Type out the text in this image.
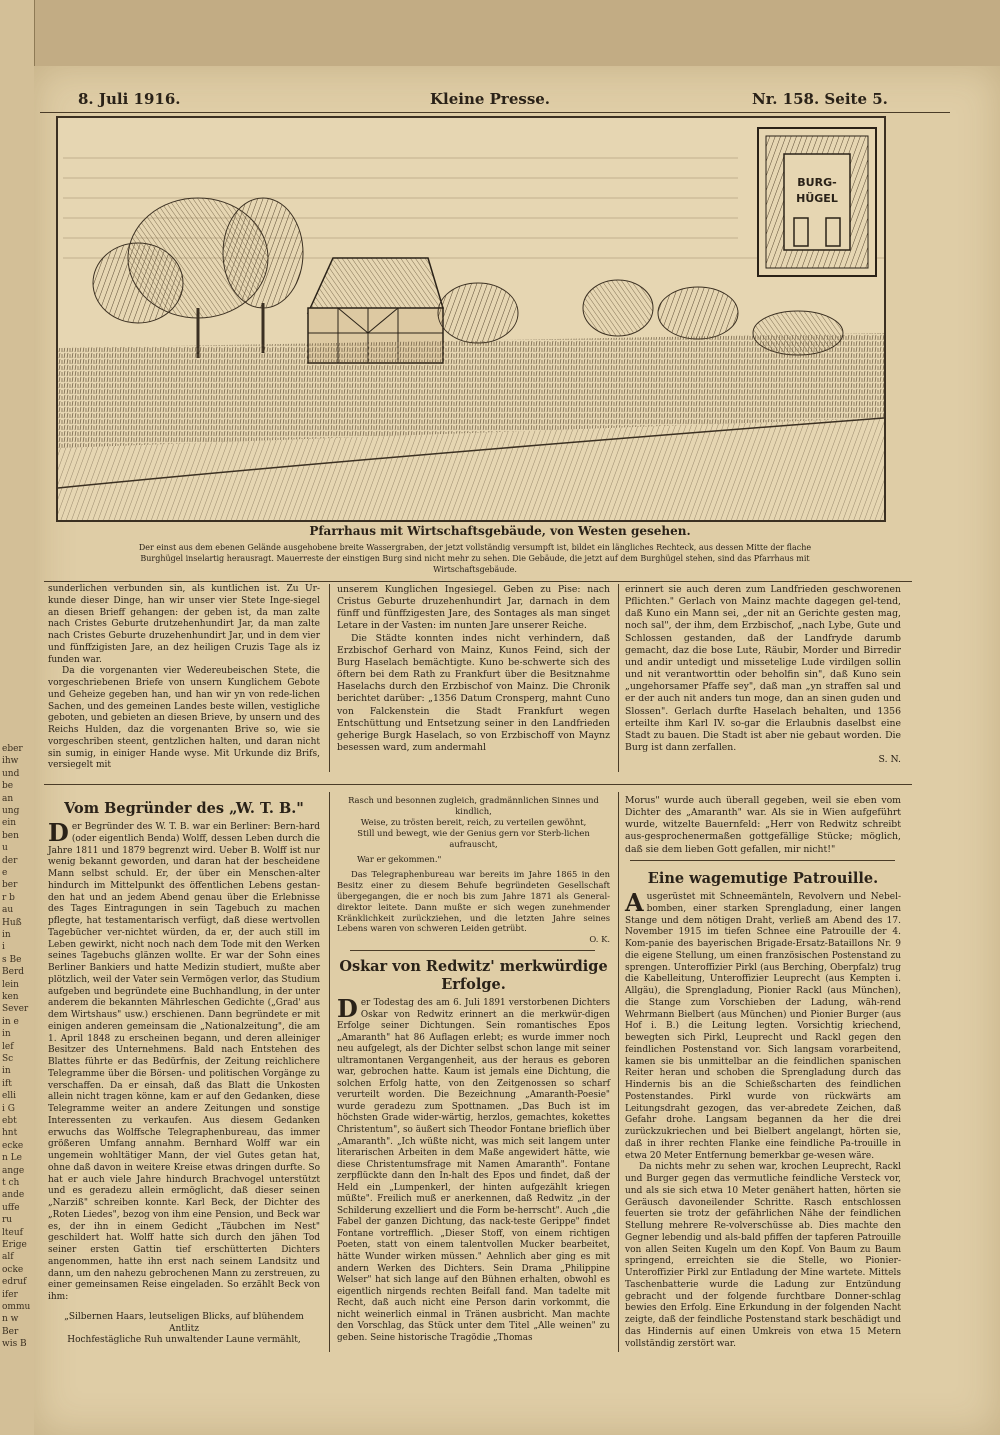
eber
ihw
und
be
an
ung
ein
ben
u
der
e
ber
r b
au
Huß
in
i
s Be
Berd
lein
ken
Sever
in e
in
lef
Sc
in
ift
elli
i G
ebt
hnt
ecke
n Le
ange
t ch
ande
uffe
ru
lteuf
Erige
alf
ocke
edruf
ifer
ommu
n w
Ber
wis B
8. Juli 1916.	Kleine Presse.	Nr. 158. Seite 5.
BURG-
HÜGEL
Pfarrhaus mit Wirtschaftsgebäude, von Westen gesehen.
Der einst aus dem ebenen Gelände ausgehobene breite Wassergraben, der jetzt vollständig versumpft ist, bildet ein längliches Rechteck, aus dessen Mitte der flache Burghügel inselartig herausragt. Mauerreste der einstigen Burg sind nicht mehr zu sehen. Die Gebäude, die jetzt auf dem Burghügel stehen, sind das Pfarrhaus mit Wirtschaftsgebäude.

sunderlichen verbunden sin, als kuntlichen ist. Zu Ur-kunde dieser Dinge, han wir unser vier Stete Inge-siegel an diesen Brieff gehangen: der geben ist, da man zalte nach Cristes Geburte drutzehenhundirt Jar, da man zalte nach Cristes Geburte druzehenhundirt Jar, und in dem vier und fünffzigisten Jare, an dez heiligen Cruzis Tage als iz funden war.

Da die vorgenanten vier Wedereubeischen Stete, die vorgeschriebenen Briefe von unsern Kunglichem Gebote und Geheize gegeben han, und han wir yn von rede-lichen Sachen, und des gemeinen Landes beste willen, vestigliche geboten, und gebieten an diesen Brieve, by unsern und des Reichs Hulden, daz die vorgenanten Brive so, wie sie vorgeschriben steent, gentzlichen halten, und daran nicht sin sumig, in einiger Hande wyse. Mit Urkunde diz Brifs, versiegelt mit

unserem Kunglichen Ingesiegel. Geben zu Pise: nach Cristus Geburte druzehenhundirt Jar, darnach in dem fünff und fünffzigesten Jare, des Sontages als man singet Letare in der Vasten: im nunten Jare unserer Reiche.

Die Städte konnten indes nicht verhindern, daß Erzbischof Gerhard von Mainz, Kunos Feind, sich der Burg Haselach bemächtigte. Kuno be-schwerte sich des öftern bei dem Rath zu Frankfurt über die Besitznahme Haselachs durch den Erzbischof von Mainz. Die Chronik berichtet darüber: „1356 Datum Cronsperg, mahnt Cuno von Falckenstein die Stadt Frankfurt wegen Entschüttung und Entsetzung seiner in den Landfrieden geherige Burgk Haselach, so von Erzbischoff von Maynz besessen ward, zum andermahl

erinnert sie auch deren zum Landfrieden geschworenen Pflichten." Gerlach von Mainz machte dagegen gel-tend, daß Kuno ein Mann sei, „der nit an Gerichte gesten mag, noch sal", der ihm, dem Erzbischof, „nach Lybe, Gute und Schlossen gestanden, daß der Landfryde darumb gemacht, daz die bose Lute, Räubir, Morder und Birredir und andir untedigt und missetelige Lude virdilgen sollin und nit verantworttin oder beholfin sin", daß Kuno sein „ungehorsamer Pfaffe sey", daß man „yn straffen sal und er der auch nit anders tun moge, dan an sinen guden und Slossen". Gerlach durfte Haselach behalten, und 1356 erteilte ihm Karl IV. so-gar die Erlaubnis daselbst eine Stadt zu bauen. Die Stadt ist aber nie gebaut worden. Die Burg ist dann zerfallen.

S. N.
Vom Begründer des „W. T. B."
Der Begründer des W. T. B. war ein Berliner: Bern-hard (oder eigentlich Benda) Wolff, dessen Leben durch die Jahre 1811 und 1879 begrenzt wird. Ueber B. Wolff ist nur wenig bekannt geworden, und daran hat der bescheidene Mann selbst schuld. Er, der über ein Menschen-alter hindurch im Mittelpunkt des öffentlichen Lebens gestan-den hat und an jedem Abend genau über die Erlebnisse des Tages Eintragungen in sein Tagebuch zu machen pflegte, hat testamentarisch verfügt, daß diese wertvollen Tagebücher ver-nichtet würden, da er, der auch still im Leben gewirkt, nicht noch nach dem Tode mit den Werken seines Tagebuchs glänzen wollte. Er war der Sohn eines Berliner Bankiers und hatte Medizin studiert, mußte aber plötzlich, weil der Vater sein Vermögen verlor, das Studium aufgeben und begründete eine Buchhandlung, in der unter anderem die bekannten Mährleschen Gedichte („Grad' aus dem Wirtshaus" usw.) erschienen. Dann begründete er mit einigen anderen gemeinsam die „Nationalzeitung", die am 1. April 1848 zu erscheinen begann, und deren alleiniger Besitzer des Unternehmens. Bald nach Entstehen des Blattes führte er das Bedürfnis, der Zeitung reichlichere Telegramme über die Börsen- und politischen Vorgänge zu verschaffen. Da er einsah, daß das Blatt die Unkosten allein nicht tragen könne, kam er auf den Gedanken, diese Telegramme weiter an andere Zeitungen und sonstige Interessenten zu verkaufen. Aus diesem Gedanken erwuchs das Wolffsche Telegraphenbureau, das immer größeren Umfang annahm. Bernhard Wolff war ein ungemein wohltätiger Mann, der viel Gutes getan hat, ohne daß davon in weitere Kreise etwas dringen durfte. So hat er auch viele Jahre hindurch Brachvogel unterstützt und es geradezu allein ermöglicht, daß dieser seinen „Narziß" schreiben konnte. Karl Beck, der Dichter des „Roten Liedes", bezog von ihm eine Pension, und Beck war es, der ihn in einem Gedicht „Täubchen im Nest" geschildert hat. Wolff hatte sich durch den jähen Tod seiner ersten Gattin tief erschütterten Dichters angenommen, hatte ihn erst nach seinem Landsitz und dann, um den nahezu gebrochenen Mann zu zerstreuen, zu einer gemeinsamen Reise eingeladen. So erzählt Beck von ihm:
„Silbernen Haars, leutseligen Blicks, auf blühendem Antlitz
Hochfestägliche Ruh unwaltender Laune vermählt,
Rasch und besonnen zugleich, gradmännlichen Sinnes und kindlich,
Weise, zu trösten bereit, reich, zu verteilen gewöhnt,
Still und bewegt, wie der Genius gern vor Sterb-lichen aufrauscht,
War er gekommen."

Das Telegraphenbureau war bereits im Jahre 1865 in den Besitz einer zu diesem Behufe begründeten Gesellschaft übergegangen, die er noch bis zum Jahre 1871 als General-direktor leitete. Dann mußte er sich wegen zunehmender Kränklichkeit zurückziehen, und die letzten Jahre seines Lebens waren von schweren Leiden getrübt.

O. K.
Oskar von Redwitz' merkwürdige
Erfolge.
Der Todestag des am 6. Juli 1891 verstorbenen Dichters Oskar von Redwitz erinnert an die merkwür-digen Erfolge seiner Dichtungen. Sein romantisches Epos „Amaranth" hat 86 Auflagen erlebt; es wurde immer noch neu aufgelegt, als der Dichter selbst schon lange mit seiner ultramontanen Vergangenheit, aus der heraus es geboren war, gebrochen hatte. Kaum ist jemals eine Dichtung, die solchen Erfolg hatte, von den Zeitgenossen so scharf verurteilt worden. Die Bezeichnung „Amaranth-Poesie" wurde geradezu zum Spottnamen. „Das Buch ist im höchsten Grade wider-wärtig, herzlos, gemachtes, kokettes Christentum", so äußert sich Theodor Fontane brieflich über „Amaranth". „Ich wüßte nicht, was mich seit langem unter literarischen Arbeiten in dem Maße angewidert hätte, wie diese Christentumsfrage mit Namen Amaranth". Fontane zerpflückte dann den In-halt des Epos und findet, daß der Held ein „Lumpenkerl, der hinten aufgezählt kriegen müßte". Freilich muß er anerkennen, daß Redwitz „in der Schilderung exzelliert und die Form be-herrscht". Auch „die Fabel der ganzen Dichtung, das nack-teste Gerippe" findet Fontane vortrefflich. „Dieser Stoff, von einem richtigen Poeten, statt von einem talentvollen Mucker bearbeitet, hätte Wunder wirken müssen." Aehnlich aber ging es mit andern Werken des Dichters. Sein Drama „Philippine Welser" hat sich lange auf den Bühnen erhalten, obwohl es eigentlich nirgends rechten Beifall fand. Man tadelte mit Recht, daß auch nicht eine Person darin vorkommt, die nicht weinerlich einmal in Tränen ausbricht. Man machte den Vorschlag, das Stück unter dem Titel „Alle weinen" zu geben. Seine historische Tragödie „Thomas

Morus" wurde auch überall gegeben, weil sie eben vom Dichter des „Amaranth" war. Als sie in Wien aufgeführt wurde, witzelte Bauernfeld: „Herr von Redwitz schreibt aus-gesprochenermaßen gottgefällige Stücke; möglich, daß sie dem lieben Gott gefallen, mir nicht!"

Eine wagemutige Patrouille.
Ausgerüstet mit Schneemänteln, Revolvern und Nebel-bomben, einer starken Sprengladung, einer langen Stange und dem nötigen Draht, verließ am Abend des 17. November 1915 im tiefen Schnee eine Patrouille der 4. Kom-panie des bayerischen Brigade-Ersatz-Bataillons Nr. 9 die eigene Stellung, um einen französischen Postenstand zu sprengen. Unteroffizier Pirkl (aus Berching, Oberpfalz) trug die Kabelleitung, Unteroffizier Leuprecht (aus Kempten i. Allgäu), die Sprengladung, Pionier Rackl (aus München), die Stange zum Vorschieben der Ladung, wäh-rend Wehrmann Bielbert (aus München) und Pionier Burger (aus Hof i. B.) die Leitung legten. Vorsichtig kriechend, bewegten sich Pirkl, Leuprecht und Rackl gegen den feindlichen Postenstand vor. Sich langsam vorarbeitend, kamen sie bis unmittelbar an die feindlichen spanischen Reiter heran und schoben die Sprengladung durch das Hindernis bis an die Schießscharten des feindlichen Postenstandes. Pirkl wurde von rückwärts am Leitungsdraht gezogen, das ver-abredete Zeichen, daß Gefahr drohe. Langsam begannen da her die drei zurückzukriechen und bei Bielbert angelangt, hörten sie, daß in ihrer rechten Flanke eine feindliche Pa-trouille in etwa 20 Meter Entfernung bemerkbar ge-wesen wäre.

Da nichts mehr zu sehen war, krochen Leuprecht, Rackl und Burger gegen das vermutliche feindliche Versteck vor, und als sie sich etwa 10 Meter genähert hatten, hörten sie Geräusch davoneilender Schritte. Rasch entschlossen feuerten sie trotz der gefährlichen Nähe der feindlichen Stellung mehrere Re-volverschüsse ab. Dies machte den Gegner lebendig und als-bald pfiffen der tapferen Patrouille von allen Seiten Kugeln um den Kopf. Von Baum zu Baum springend, erreichten sie die Stelle, wo Pionier-Unteroffizier Pirkl zur Entladung der Mine wartete. Mittels Taschenbatterie wurde die Ladung zur Entzündung gebracht und der folgende furchtbare Donner-schlag bewies den Erfolg. Eine Erkundung in der folgenden Nacht zeigte, daß der feindliche Postenstand stark beschädigt und das Hindernis auf einen Umkreis von etwa 15 Metern vollständig zerstört war.
